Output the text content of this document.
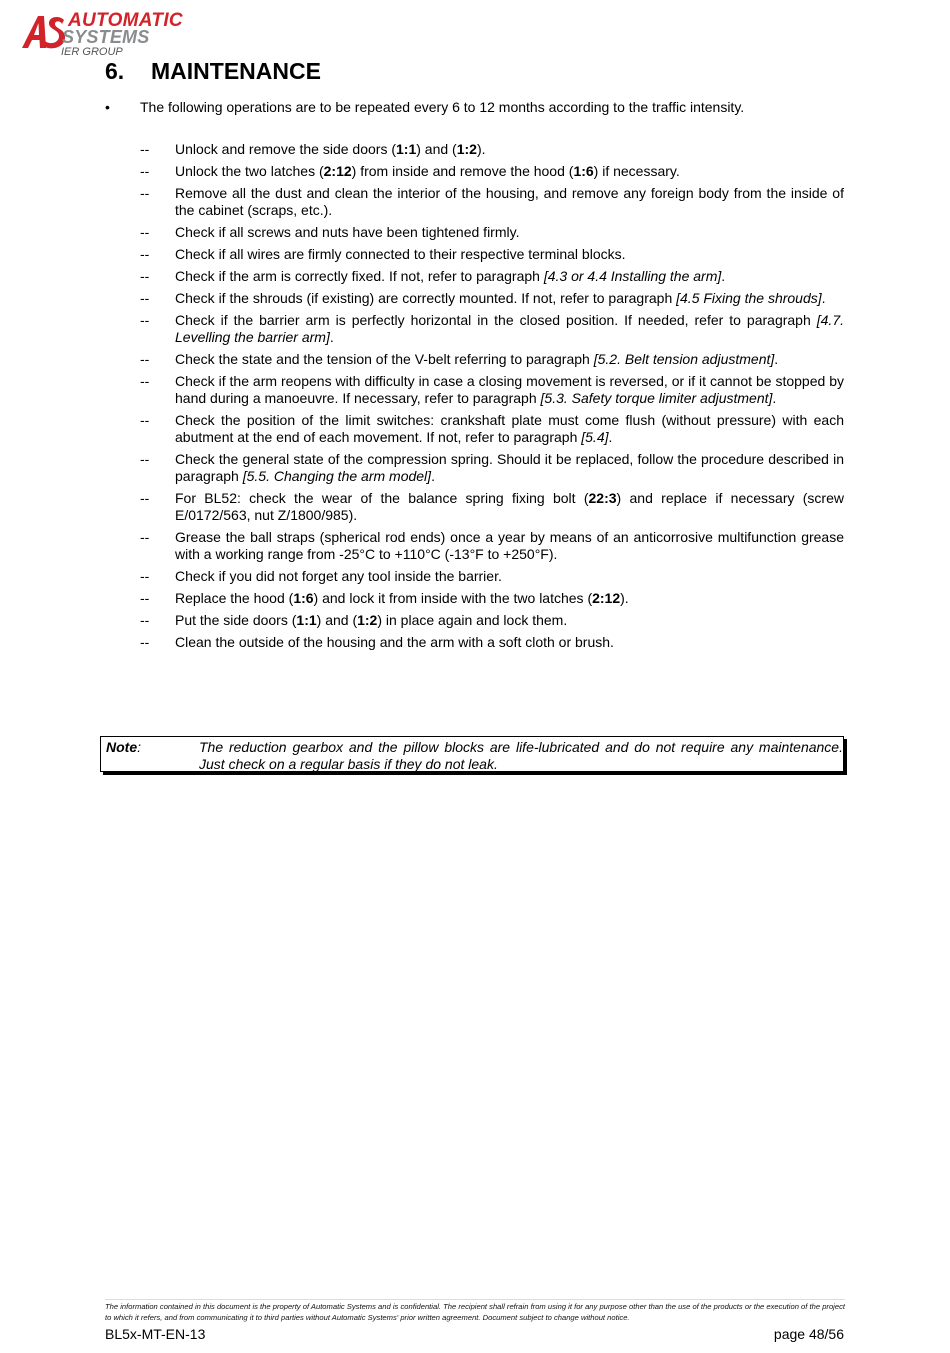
AUTOMATIC
SYSTEMS
IER GROUP
6. MAINTENANCE
• The following operations are to be repeated every 6 to 12 months according to the traffic intensity.
-- Unlock and remove the side doors (1:1) and (1:2).
-- Unlock the two latches (2:12) from inside and remove the hood (1:6) if necessary.
-- Remove all the dust and clean the interior of the housing, and remove any foreign body from the inside of the cabinet (scraps, etc.).
-- Check if all screws and nuts have been tightened firmly.
-- Check if all wires are firmly connected to their respective terminal blocks.
-- Check if the arm is correctly fixed. If not, refer to paragraph [4.3 or 4.4 Installing the arm].
-- Check if the shrouds (if existing) are correctly mounted. If not, refer to paragraph [4.5 Fixing the shrouds].
-- Check if the barrier arm is perfectly horizontal in the closed position. If needed, refer to paragraph [4.7. Levelling the barrier arm].
-- Check the state and the tension of the V-belt referring to paragraph [5.2. Belt tension adjustment].
-- Check if the arm reopens with difficulty in case a closing movement is reversed, or if it cannot be stopped by hand during a manoeuvre. If necessary, refer to paragraph [5.3. Safety torque limiter adjustment].
-- Check the position of the limit switches: crankshaft plate must come flush (without pressure) with each abutment at the end of each movement. If not, refer to paragraph [5.4].
-- Check the general state of the compression spring. Should it be replaced, follow the procedure described in paragraph [5.5. Changing the arm model].
-- For BL52: check the wear of the balance spring fixing bolt (22:3) and replace if necessary (screw E/0172/563, nut Z/1800/985).
-- Grease the ball straps (spherical rod ends) once a year by means of an anticorrosive multifunction grease with a working range from -25°C to +110°C (-13°F to +250°F).
-- Check if you did not forget any tool inside the barrier.
-- Replace the hood (1:6) and lock it from inside with the two latches (2:12).
-- Put the side doors (1:1) and (1:2) in place again and lock them.
-- Clean the outside of the housing and the arm with a soft cloth or brush.
Note:	The reduction gearbox and the pillow blocks are life-lubricated and do not require any maintenance. Just check on a regular basis if they do not leak.
The information contained in this document is the property of Automatic Systems and is confidential. The recipient shall refrain from using it for any purpose other than the use of the products or the execution of the project to which it refers, and from communicating it to third parties without Automatic Systems' prior written agreement. Document subject to change without notice.
BL5x-MT-EN-13	page 48/56
